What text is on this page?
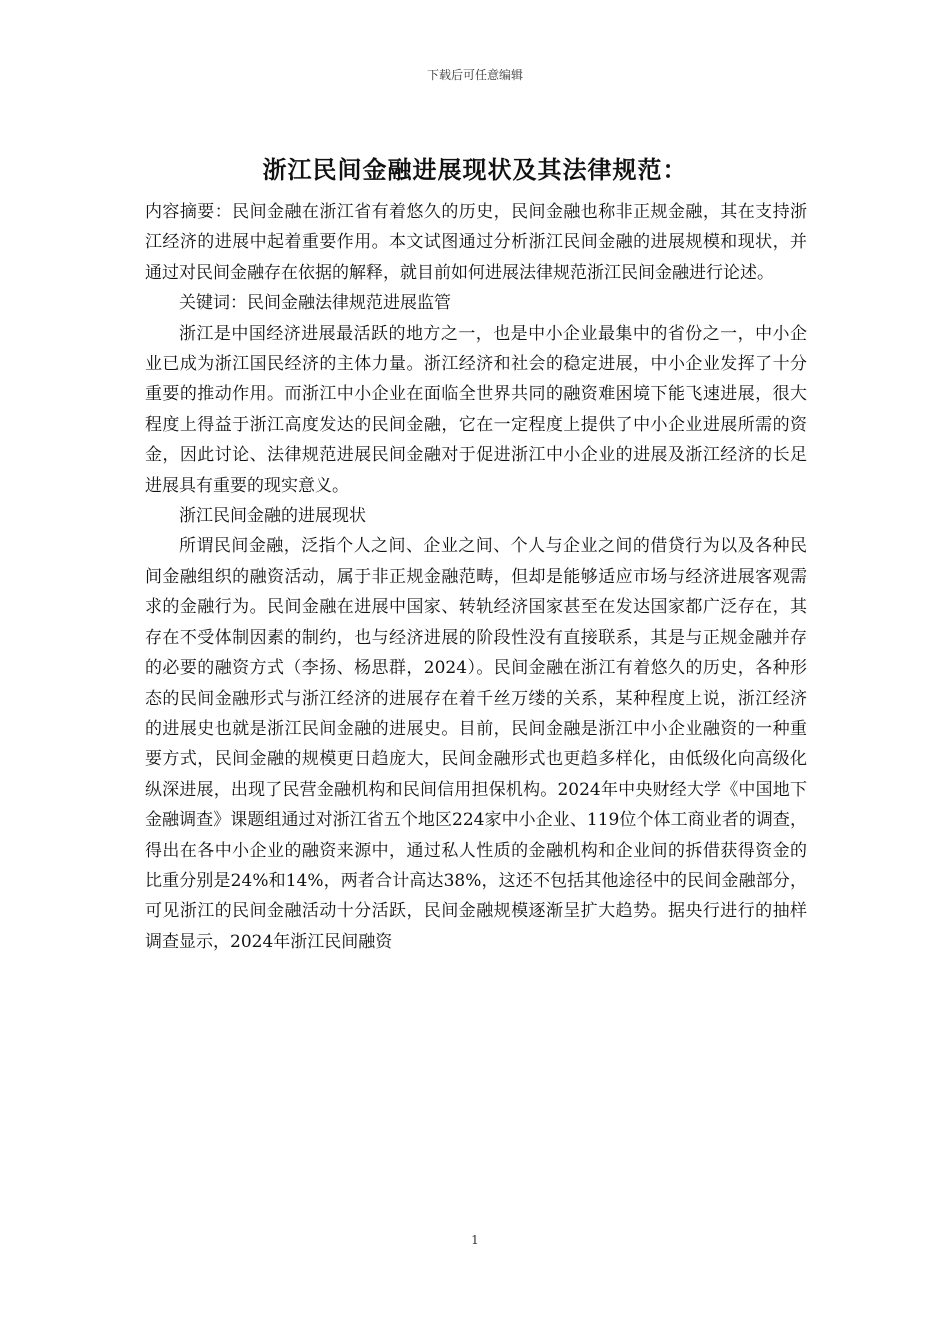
下载后可任意编辑
浙江民间金融进展现状及其法律规范：

内容摘要：民间金融在浙江省有着悠久的历史，民间金融也称非正规金融，其在支持浙江经济的进展中起着重要作用。本文试图通过分析浙江民间金融的进展规模和现状，并通过对民间金融存在依据的解释，就目前如何进展法律规范浙江民间金融进行论述。

关键词：民间金融法律规范进展监管

浙江是中国经济进展最活跃的地方之一，也是中小企业最集中的省份之一，中小企业已成为浙江国民经济的主体力量。浙江经济和社会的稳定进展，中小企业发挥了十分重要的推动作用。而浙江中小企业在面临全世界共同的融资难困境下能飞速进展，很大程度上得益于浙江高度发达的民间金融，它在一定程度上提供了中小企业进展所需的资金，因此讨论、法律规范进展民间金融对于促进浙江中小企业的进展及浙江经济的长足进展具有重要的现实意义。

浙江民间金融的进展现状

所谓民间金融，泛指个人之间、企业之间、个人与企业之间的借贷行为以及各种民间金融组织的融资活动，属于非正规金融范畴，但却是能够适应市场与经济进展客观需求的金融行为。民间金融在进展中国家、转轨经济国家甚至在发达国家都广泛存在，其存在不受体制因素的制约，也与经济进展的阶段性没有直接联系，其是与正规金融并存的必要的融资方式（李扬、杨思群，2024）。民间金融在浙江有着悠久的历史，各种形态的民间金融形式与浙江经济的进展存在着千丝万缕的关系，某种程度上说，浙江经济的进展史也就是浙江民间金融的进展史。目前，民间金融是浙江中小企业融资的一种重要方式，民间金融的规模更日趋庞大，民间金融形式也更趋多样化，由低级化向高级化纵深进展，出现了民营金融机构和民间信用担保机构。2024年中央财经大学《中国地下金融调查》课题组通过对浙江省五个地区224家中小企业、119位个体工商业者的调查，得出在各中小企业的融资来源中，通过私人性质的金融机构和企业间的拆借获得资金的比重分别是24%和14%，两者合计高达38%，这还不包括其他途径中的民间金融部分，可见浙江的民间金融活动十分活跃，民间金融规模逐渐呈扩大趋势。据央行进行的抽样调查显示，2024年浙江民间融资

1
